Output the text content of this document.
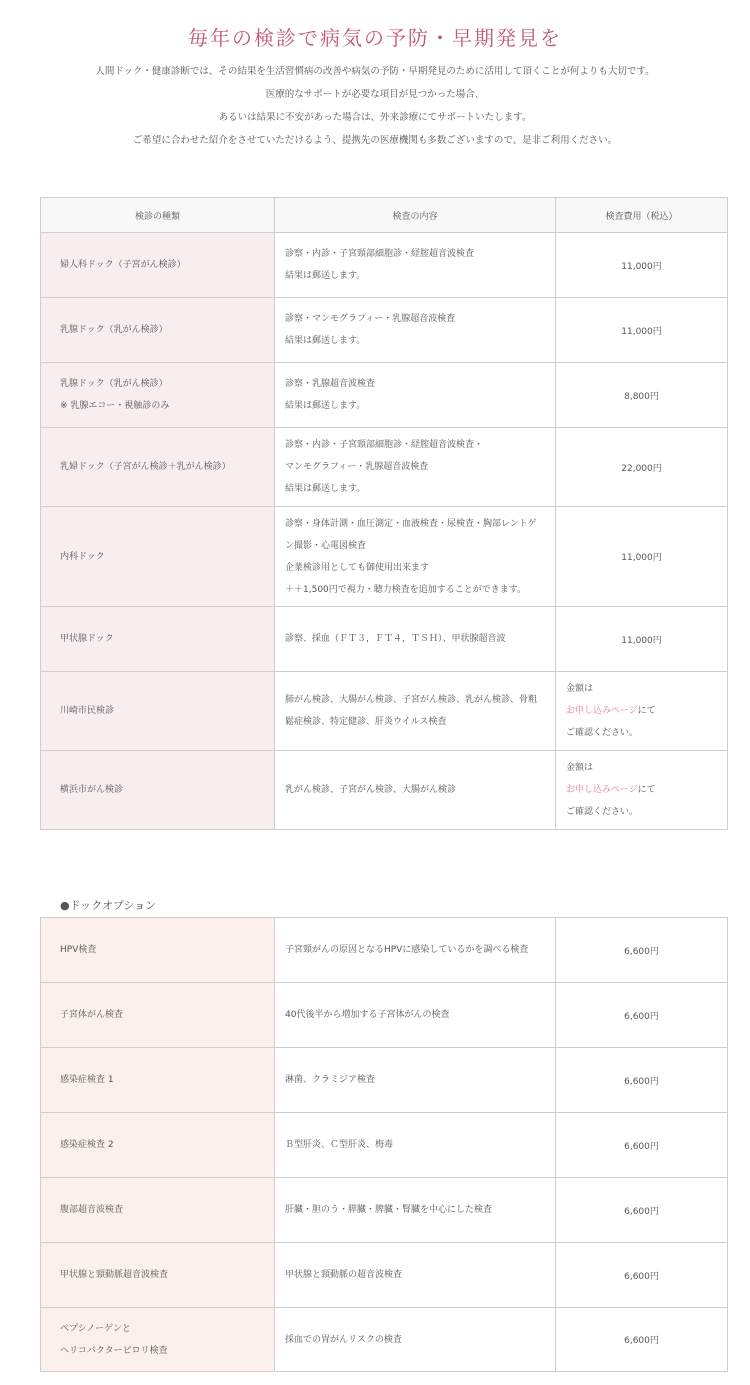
毎年の検診で病気の予防・早期発見を
人間ドック・健康診断では、その結果を生活習慣病の改善や病気の予防・早期発見のために活用して頂くことが何よりも大切です。
医療的なサポートが必要な項目が見つかった場合、
あるいは結果に不安があった場合は、外来診療にてサポートいたします。
ご希望に合わせた紹介をさせていただけるよう、提携先の医療機関も多数ございますので、是非ご利用ください。
検診の種類	検査の内容	検査費用（税込）

婦人科ドック（子宮がん検診）	診察・内診・子宮頸部細胞診・経腟超音波検査
結果は郵送します。	11,000円

乳腺ドック（乳がん検診）	診察・マンモグラフィー・乳腺超音波検査
結果は郵送します。	11,000円

乳腺ドック（乳がん検診）
※ 乳腺エコー・視触診のみ	診察・乳腺超音波検査
結果は郵送します。	8,800円

乳婦ドック（子宮がん検診＋乳がん検診）	診察・内診・子宮頸部細胞診・経腟超音波検査・
マンモグラフィー・乳腺超音波検査
結果は郵送します。	22,000円

内科ドック	診察・身体計測・血圧測定・血液検査・尿検査・胸部レントゲ
ン撮影・心電図検査
企業検診用としても御使用出来ます
＋＋1,500円で視力・聴力検査を追加することができます。	11,000円

甲状腺ドック	診察、採血（ＦＴ３，ＦＴ４，ＴＳＨ）、甲状腺超音波	11,000円

川崎市民検診	肺がん検診、大腸がん検診、子宮がん検診、乳がん検診、骨粗
鬆症検診、特定健診、肝炎ウイルス検査	金額は
お申し込みページにて
ご確認ください。

横浜市がん検診	乳がん検診、子宮がん検診、大腸がん検診	金額は
お申し込みページにて
ご確認ください。
●ドックオプション
HPV検査	子宮頸がんの原因となるHPVに感染しているかを調べる検査	6,600円

子宮体がん検査	40代後半から増加する子宮体がんの検査	6,600円

感染症検査 1	淋菌、クラミジア検査	6,600円

感染症検査 2	Ｂ型肝炎、Ｃ型肝炎、梅毒	6,600円

腹部超音波検査	肝臓・胆のう・膵臓・脾臓・腎臓を中心にした検査	6,600円

甲状腺と頸動脈超音波検査	甲状腺と頸動脈の超音波検査	6,600円

ペプシノーゲンと
ヘリコバクターピロリ検査	採血での胃がんリスクの検査	6,600円
